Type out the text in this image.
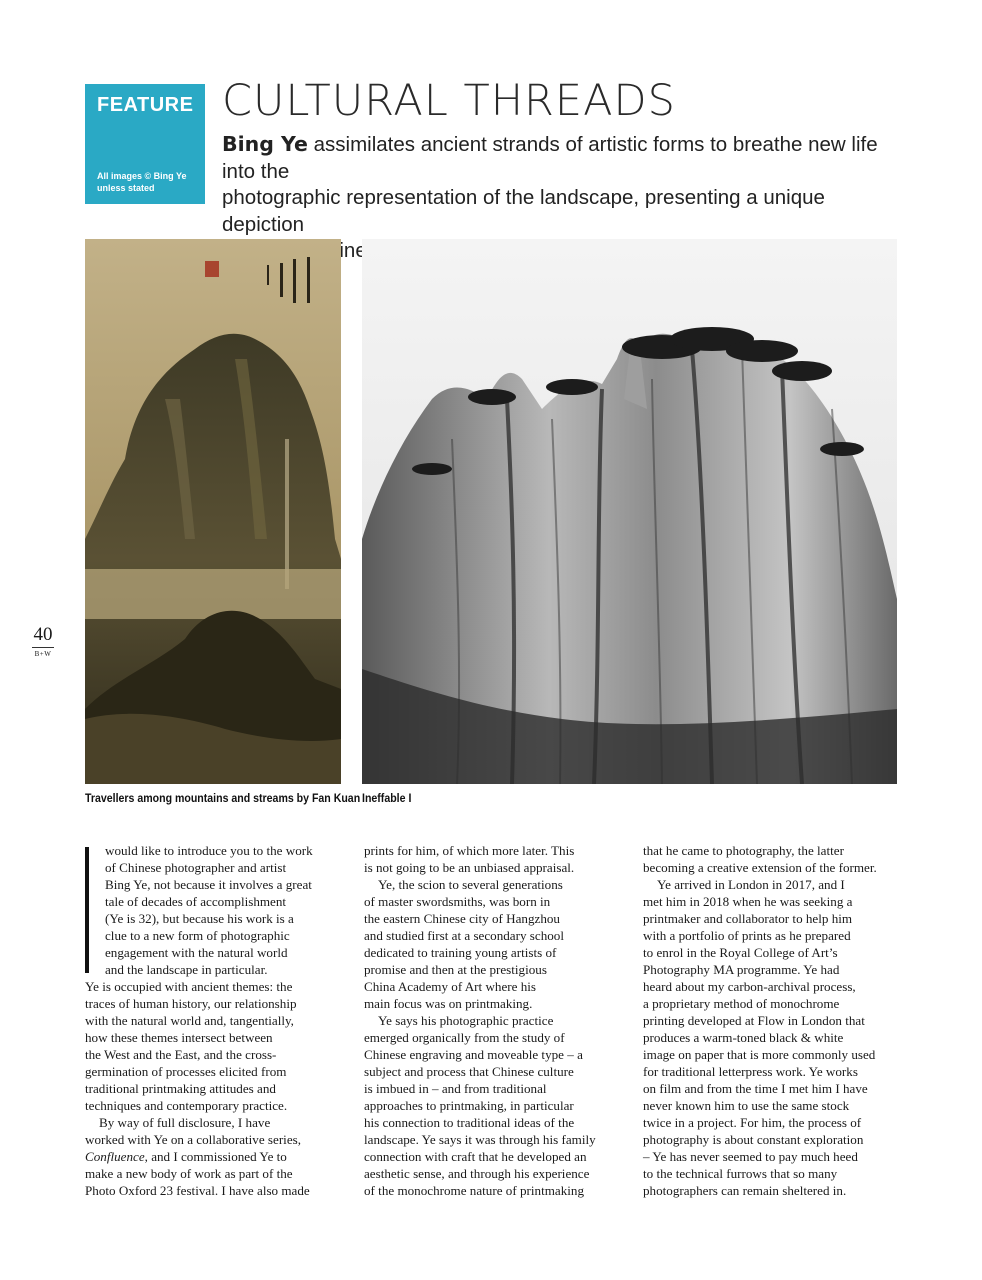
FEATURE
All images © Bing Ye unless stated
CULTURAL THREADS
Bing Ye assimilates ancient strands of artistic forms to breathe new life into the
photographic representation of the landscape, presenting a unique depiction

Travellers among mountains and streams by Fan Kuan Ineffable I
40
B+W

would like to introduce you to the work

of Chinese photographer and artist

Bing Ye, not because it involves a great

tale of decades of accomplishment

(Ye is 32), but because his work is a

clue to a new form of photographic

engagement with the natural world

and the landscape in particular.

Ye is occupied with ancient themes: the

traces of human history, our relationship

with the natural world and, tangentially,

how these themes intersect between

the West and the East, and the cross-

germination of processes elicited from

traditional printmaking attitudes and

techniques and contemporary practice.

By way of full disclosure, I have

worked with Ye on a collaborative series,

Confluence, and I commissioned Ye to

make a new body of work as part of the

Photo Oxford 23 festival. I have also made

prints for him, of which more later. This

is not going to be an unbiased appraisal.

Ye, the scion to several generations

of master swordsmiths, was born in

the eastern Chinese city of Hangzhou

and studied first at a secondary school

dedicated to training young artists of

promise and then at the prestigious

China Academy of Art where his

main focus was on printmaking.

Ye says his photographic practice

emerged organically from the study of

Chinese engraving and moveable type – a

subject and process that Chinese culture

is imbued in – and from traditional

approaches to printmaking, in particular

his connection to traditional ideas of the

landscape. Ye says it was through his family

connection with craft that he developed an

aesthetic sense, and through his experience

of the monochrome nature of printmaking

that he came to photography, the latter

becoming a creative extension of the former.

Ye arrived in London in 2017, and I

met him in 2018 when he was seeking a

printmaker and collaborator to help him

with a portfolio of prints as he prepared

to enrol in the Royal College of Art’s

Photography MA programme. Ye had

heard about my carbon-archival process,

a proprietary method of monochrome

printing developed at Flow in London that

produces a warm-toned black & white

image on paper that is more commonly used

for traditional letterpress work. Ye works

on film and from the time I met him I have

never known him to use the same stock

twice in a project. For him, the process of

photography is about constant exploration

– Ye has never seemed to pay much heed

to the technical furrows that so many

photographers can remain sheltered in.
